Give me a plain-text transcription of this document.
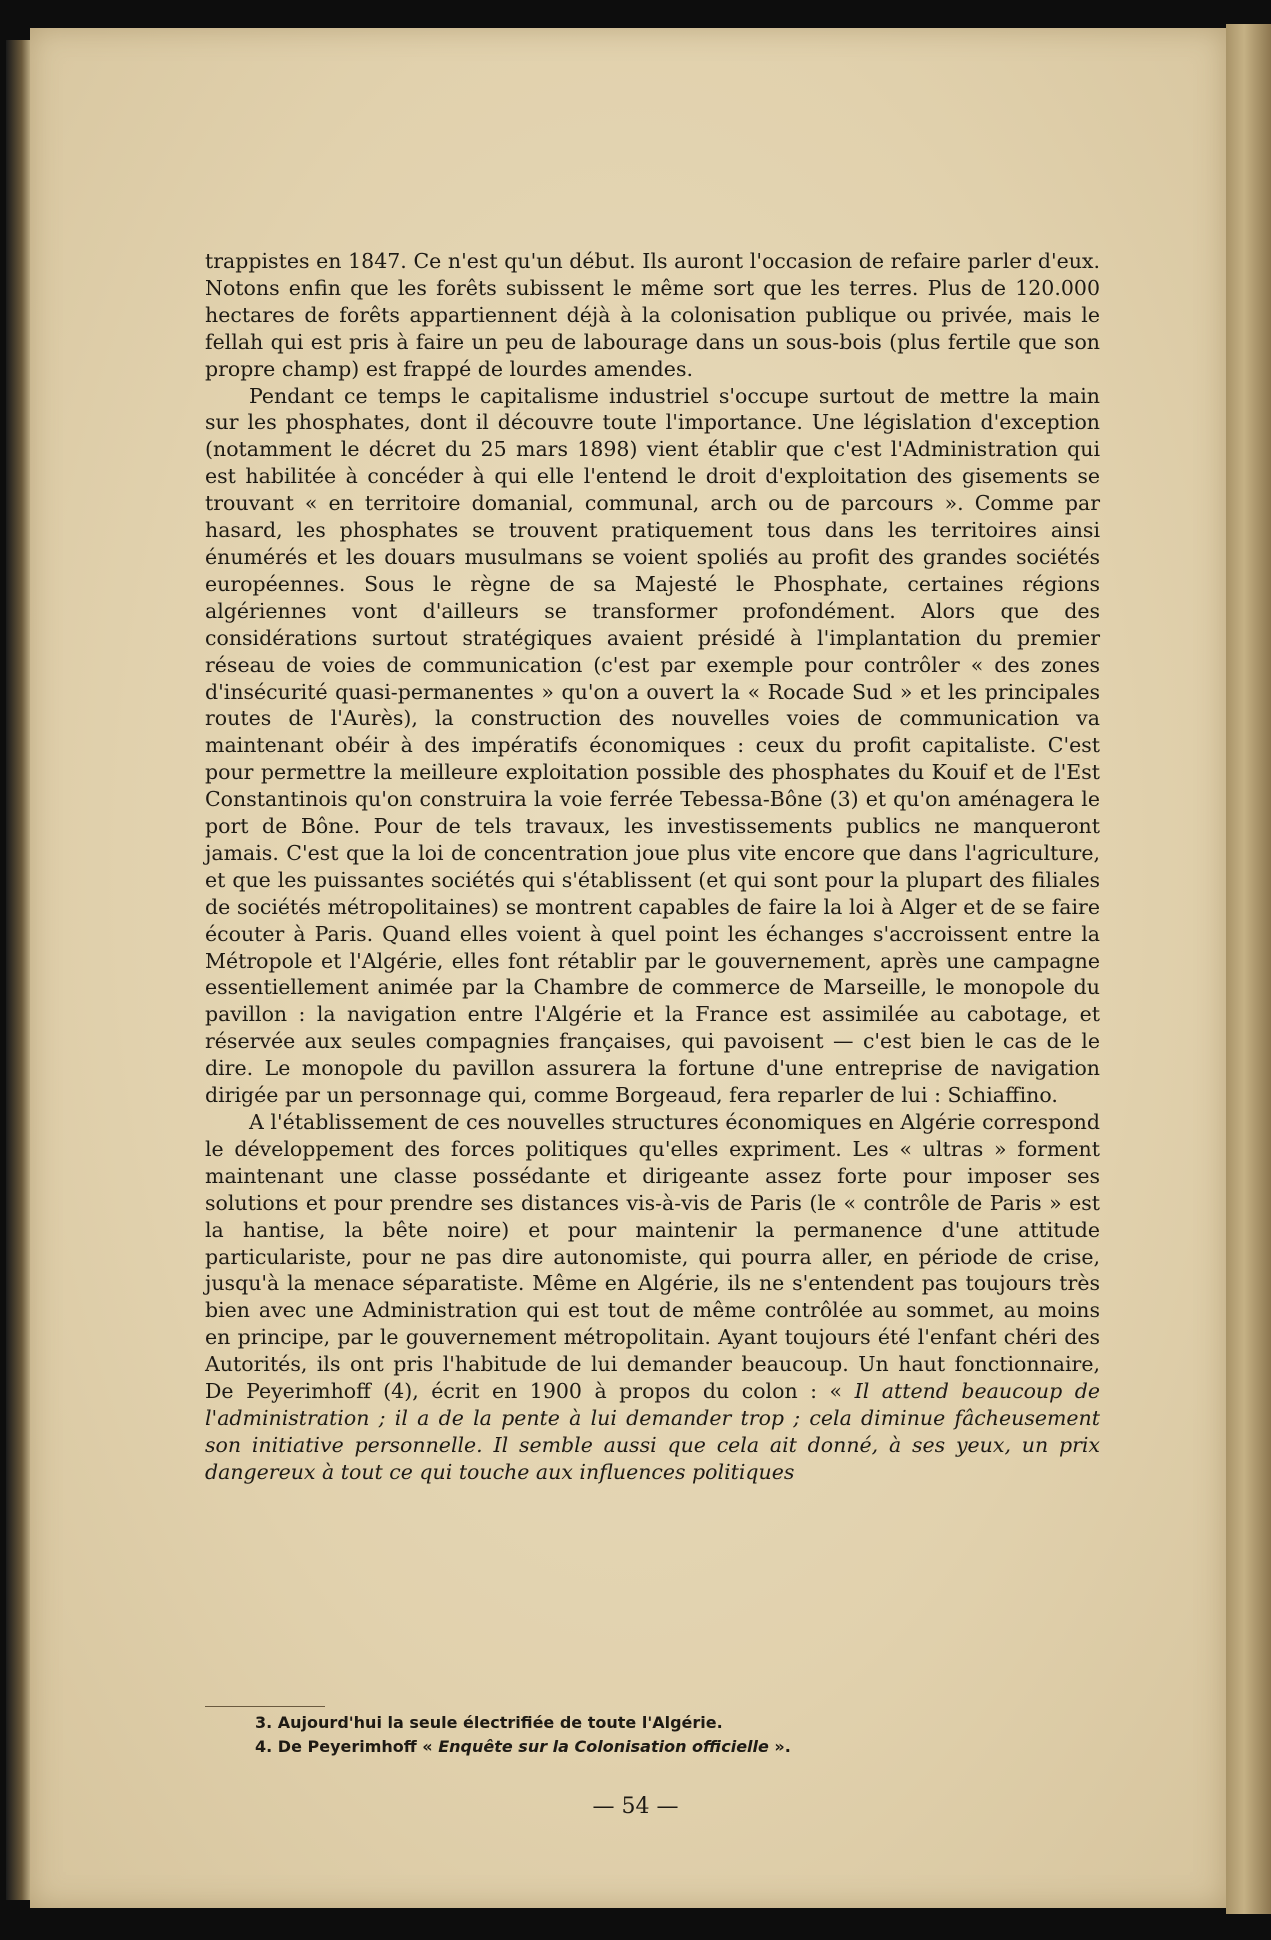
trappistes en 1847. Ce n'est qu'un début. Ils auront l'occasion de refaire parler d'eux. Notons enfin que les forêts subissent le même sort que les terres. Plus de 120.000 hectares de forêts appartiennent déjà à la colonisation publique ou privée, mais le fellah qui est pris à faire un peu de labourage dans un sous-bois (plus fertile que son propre champ) est frappé de lourdes amendes.

Pendant ce temps le capitalisme industriel s'occupe surtout de mettre la main sur les phosphates, dont il découvre toute l'importance. Une législation d'exception (notamment le décret du 25 mars 1898) vient établir que c'est l'Administration qui est habilitée à concéder à qui elle l'entend le droit d'exploitation des gisements se trouvant « en territoire domanial, communal, arch ou de parcours ». Comme par hasard, les phosphates se trouvent pratiquement tous dans les territoires ainsi énumérés et les douars musulmans se voient spoliés au profit des grandes sociétés européennes. Sous le règne de sa Majesté le Phosphate, certaines régions algériennes vont d'ailleurs se transformer profondément. Alors que des considérations surtout stratégiques avaient présidé à l'implantation du premier réseau de voies de communication (c'est par exemple pour contrôler « des zones d'insécurité quasi-permanentes » qu'on a ouvert la « Rocade Sud » et les principales routes de l'Aurès), la construction des nouvelles voies de communication va maintenant obéir à des impératifs économiques : ceux du profit capitaliste. C'est pour permettre la meilleure exploitation possible des phosphates du Kouif et de l'Est Constantinois qu'on construira la voie ferrée Tebessa-Bône (3) et qu'on aménagera le port de Bône. Pour de tels travaux, les investissements publics ne manqueront jamais. C'est que la loi de concentration joue plus vite encore que dans l'agriculture, et que les puissantes sociétés qui s'établissent (et qui sont pour la plupart des filiales de sociétés métropolitaines) se montrent capables de faire la loi à Alger et de se faire écouter à Paris. Quand elles voient à quel point les échanges s'accroissent entre la Métropole et l'Algérie, elles font rétablir par le gouvernement, après une campagne essentiellement animée par la Chambre de commerce de Marseille, le monopole du pavillon : la navigation entre l'Algérie et la France est assimilée au cabotage, et réservée aux seules compagnies françaises, qui pavoisent — c'est bien le cas de le dire. Le monopole du pavillon assurera la fortune d'une entreprise de navigation dirigée par un personnage qui, comme Borgeaud, fera reparler de lui : Schiaffino.

A l'établissement de ces nouvelles structures économiques en Algérie correspond le développement des forces politiques qu'elles expriment. Les « ultras » forment maintenant une classe possédante et dirigeante assez forte pour imposer ses solutions et pour prendre ses distances vis-à-vis de Paris (le « contrôle de Paris » est la hantise, la bête noire) et pour maintenir la permanence d'une attitude particulariste, pour ne pas dire autonomiste, qui pourra aller, en période de crise, jusqu'à la menace séparatiste. Même en Algérie, ils ne s'entendent pas toujours très bien avec une Administration qui est tout de même contrôlée au sommet, au moins en principe, par le gouvernement métropolitain. Ayant toujours été l'enfant chéri des Autorités, ils ont pris l'habitude de lui demander beaucoup. Un haut fonctionnaire, De Peyerimhoff (4), écrit en 1900 à propos du colon : « Il attend beaucoup de l'administration ; il a de la pente à lui demander trop ; cela diminue fâcheusement son initiative personnelle. Il semble aussi que cela ait donné, à ses yeux, un prix dangereux à tout ce qui touche aux influences politiques

3. Aujourd'hui la seule électrifiée de toute l'Algérie.
4. De Peyerimhoff « Enquête sur la Colonisation officielle ».
— 54 —
